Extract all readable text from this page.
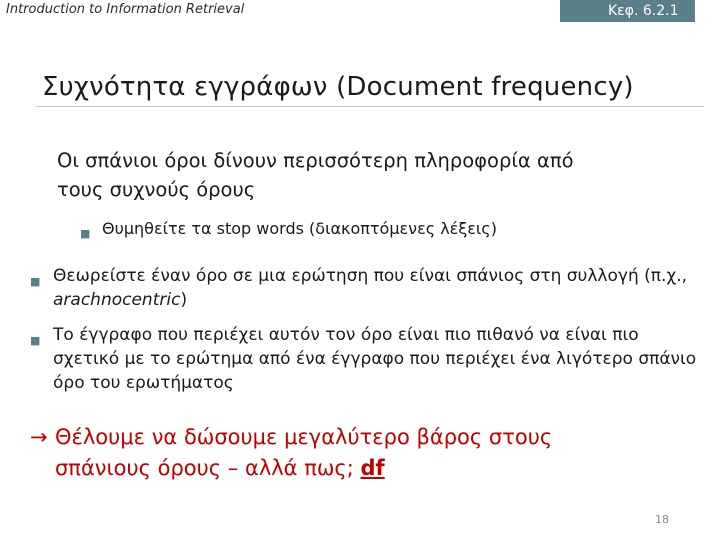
Introduction to Information Retrieval	Κεφ. 6.2.1
Συχνότητα εγγράφων (Document frequency)
Οι σπάνιοι όροι δίνουν περισσότερη πληροφορία από
τους συχνούς όρους
■ Θυμηθείτε τα stop words (διακοπτόμενες λέξεις)
■ Θεωρείστε έναν όρο σε μια ερώτηση που είναι σπάνιος στη συλλογή (π.χ., arachnocentric)
■ Το έγγραφο που περιέχει αυτόν τον όρο είναι πιο πιθανό να είναι πιο σχετικό με το ερώτημα από ένα έγγραφο που περιέχει ένα λιγότερο σπάνιο όρο του ερωτήματος
→ Θέλουμε να δώσουμε μεγαλύτερο βάρος στους
σπάνιους όρους – αλλά πως; df
18
